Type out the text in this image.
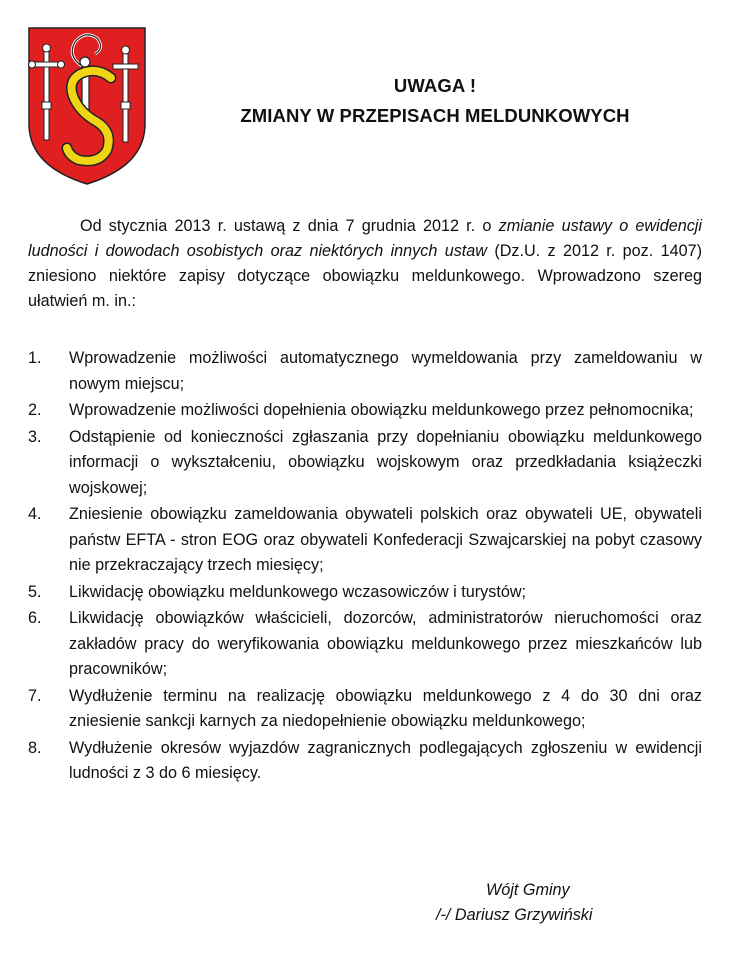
UWAGA !
ZMIANY W PRZEPISACH MELDUNKOWYCH

Od stycznia 2013 r. ustawą z dnia 7 grudnia 2012 r. o zmianie ustawy o ewidencji ludności i dowodach osobistych oraz niektórych innych ustaw (Dz.U. z 2012 r. poz. 1407) zniesiono niektóre zapisy dotyczące obowiązku meldunkowego. Wprowadzono szereg ułatwień m. in.:

1.	Wprowadzenie możliwości automatycznego wymeldowania przy zameldowaniu w nowym miejscu;
2.	Wprowadzenie możliwości dopełnienia obowiązku meldunkowego przez pełnomocnika;
3.	Odstąpienie od konieczności zgłaszania przy dopełnianiu obowiązku meldunkowego informacji o wykształceniu, obowiązku wojskowym oraz przedkładania książeczki wojskowej;
4.	Zniesienie obowiązku zameldowania obywateli polskich oraz obywateli UE, obywateli państw EFTA - stron EOG oraz obywateli Konfederacji Szwajcarskiej na pobyt czasowy nie przekraczający trzech miesięcy;
5.	Likwidację obowiązku meldunkowego wczasowiczów i turystów;
6.	Likwidację obowiązków właścicieli, dozorców, administratorów nieruchomości oraz zakładów pracy do weryfikowania obowiązku meldunkowego przez mieszkańców lub pracowników;
7.	Wydłużenie terminu na realizację obowiązku meldunkowego z 4 do 30 dni oraz zniesienie sankcji karnych za niedopełnienie obowiązku meldunkowego;
8.	Wydłużenie okresów wyjazdów zagranicznych podlegających zgłoszeniu w ewidencji ludności z 3 do 6 miesięcy.

Wójt Gminy

/-/ Dariusz Grzywiński
